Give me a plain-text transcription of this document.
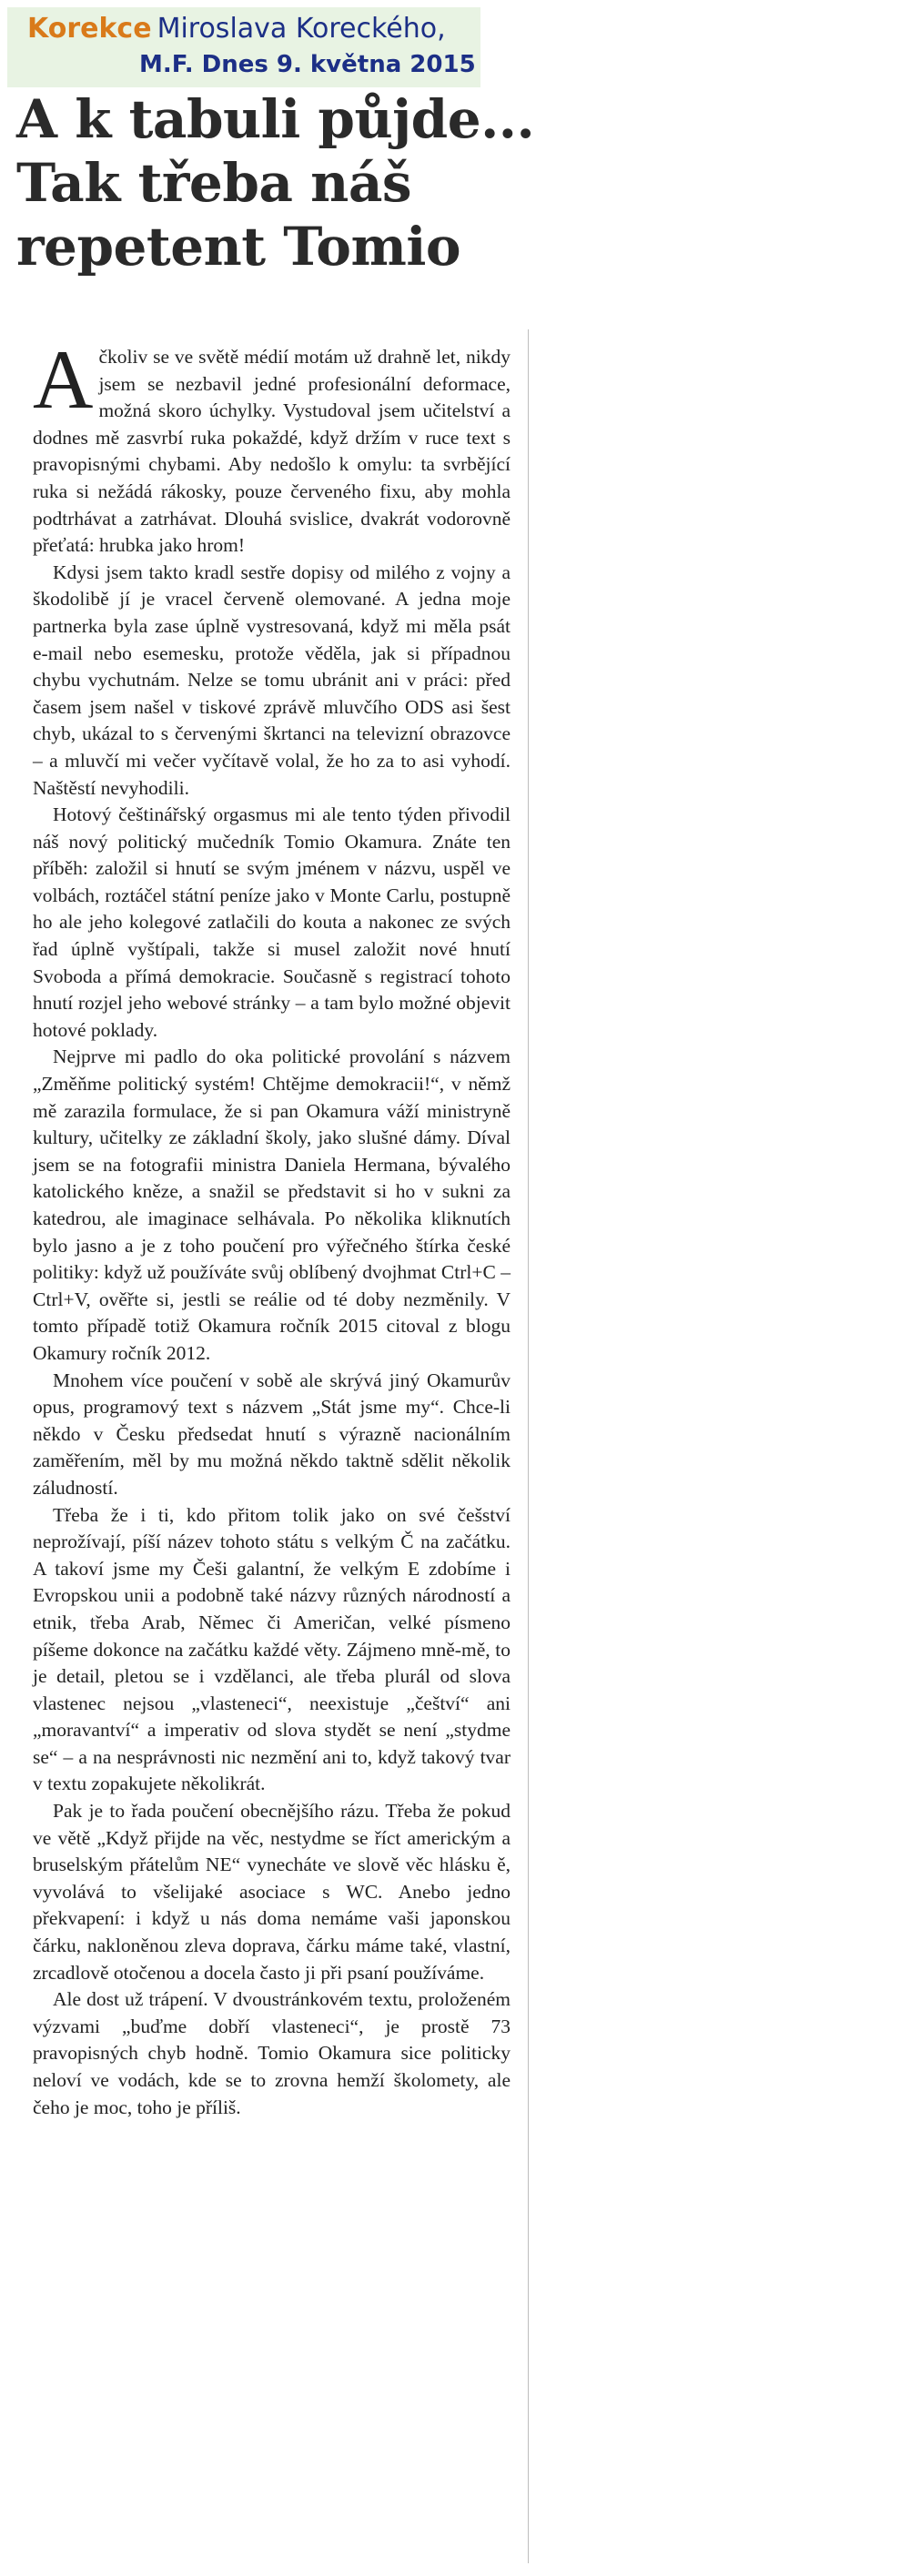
Korekce Miroslava Koreckého,
M.F. Dnes 9. května 2015
A k tabuli půjde...
Tak třeba náš
repetent Tomio

Ačkoliv se ve světě médií motám už drahně let, nikdy jsem se nezbavil jedné profesionální deformace, možná skoro úchylky. Vystudoval jsem učitelství a dodnes mě zasvrbí ruka pokaždé, když držím v ruce text s pravopisnými chybami. Aby nedošlo k omylu: ta svrbějící ruka si nežádá rákosky, pouze červeného fixu, aby mohla podtrhávat a zatrhávat. Dlouhá svislice, dvakrát vodorovně přeťatá: hrubka jako hrom!

Kdysi jsem takto kradl sestře dopisy od milého z vojny a škodolibě jí je vracel červeně olemované. A jedna moje partnerka byla zase úplně vystresovaná, když mi měla psát e-mail nebo esemesku, protože věděla, jak si případnou chybu vychutnám. Nelze se tomu ubránit ani v práci: před časem jsem našel v tiskové zprávě mluvčího ODS asi šest chyb, ukázal to s červenými škrtanci na televizní obrazovce – a mluvčí mi večer vyčítavě volal, že ho za to asi vyhodí. Naštěstí nevyhodili.

Hotový češtinářský orgasmus mi ale tento týden přivodil náš nový politický mučedník Tomio Okamura. Znáte ten příběh: založil si hnutí se svým jménem v názvu, uspěl ve volbách, roztáčel státní peníze jako v Monte Carlu, postupně ho ale jeho kolegové zatlačili do kouta a nakonec ze svých řad úplně vyštípali, takže si musel založit nové hnutí Svoboda a přímá demokracie. Současně s registrací tohoto hnutí rozjel jeho webové stránky – a tam bylo možné objevit hotové poklady.

Nejprve mi padlo do oka politické provolání s názvem „Změňme politický systém! Chtějme demokracii!“, v němž mě zarazila formulace, že si pan Okamura váží ministryně kultury, učitelky ze základní školy, jako slušné dámy. Díval jsem se na fotografii ministra Daniela Hermana, bývalého katolického kněze, a snažil se představit si ho v sukni za katedrou, ale imaginace selhávala. Po několika kliknutích bylo jasno a je z toho poučení pro výřečného štírka české politiky: když už používáte svůj oblíbený dvojhmat Ctrl+C – Ctrl+V, ověřte si, jestli se reálie od té doby nezměnily. V tomto případě totiž Okamura ročník 2015 citoval z blogu Okamury ročník 2012.

Mnohem více poučení v sobě ale skrývá jiný Okamurův opus, programový text s názvem „Stát jsme my“. Chce-li někdo v Česku předsedat hnutí s výrazně nacionálním zaměřením, měl by mu možná někdo taktně sdělit několik záludností.

Třeba že i ti, kdo přitom tolik jako on své češství neprožívají, píší název tohoto státu s velkým Č na začátku. A takoví jsme my Češi galantní, že velkým E zdobíme i Evropskou unii a podobně také názvy různých národností a etnik, třeba Arab, Němec či Američan, velké písmeno píšeme dokonce na začátku každé věty. Zájmeno mně-mě, to je detail, pletou se i vzdělanci, ale třeba plurál od slova vlastenec nejsou „vlasteneci“, neexistuje „češtví“ ani „moravantví“ a imperativ od slova stydět se není „stydme se“ – a na nesprávnosti nic nezmění ani to, když takový tvar v textu zopakujete několikrát.

Pak je to řada poučení obecnějšího rázu. Třeba že pokud ve větě „Když přijde na věc, nestydme se říct americkým a bruselským přátelům NE“ vynecháte ve slově věc hlásku ě, vyvolává to všelijaké asociace s WC. Anebo jedno překvapení: i když u nás doma nemáme vaši japonskou čárku, nakloněnou zleva doprava, čárku máme také, vlastní, zrcadlově otočenou a docela často ji při psaní používáme.

Ale dost už trápení. V dvoustránkovém textu, proloženém výzvami „buďme dobří vlasteneci“, je prostě 73 pravopisných chyb hodně. Tomio Okamura sice politicky neloví ve vodách, kde se to zrovna hemží školomety, ale čeho je moc, toho je příliš.
